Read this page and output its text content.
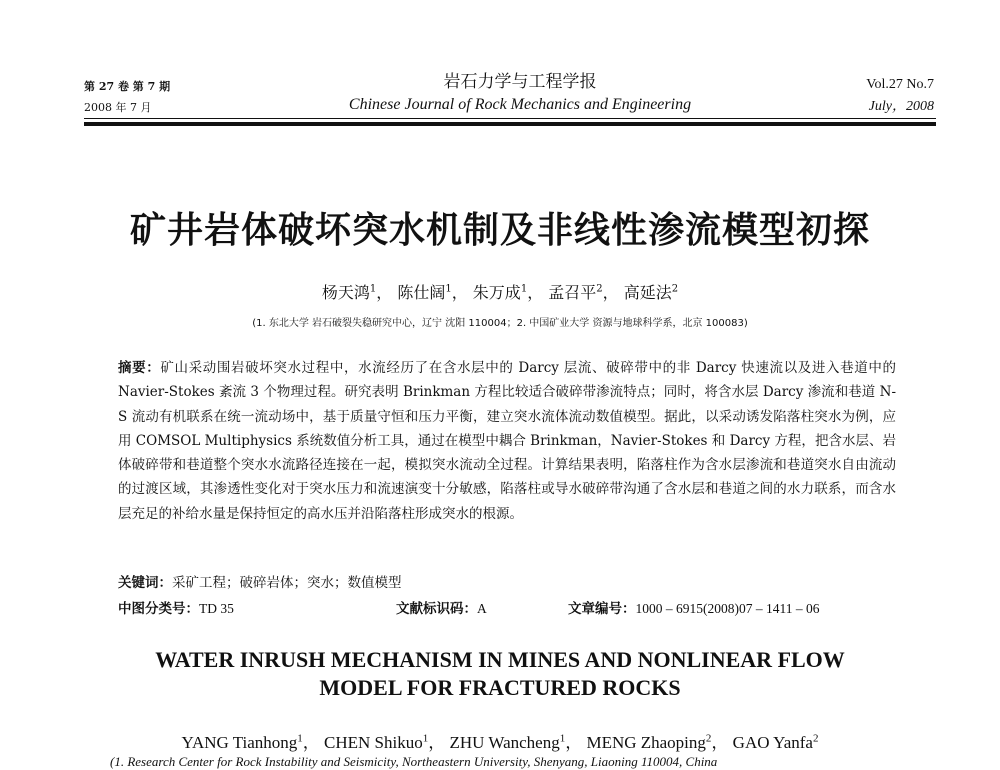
第 27 卷 第 7 期
2008 年 7 月
岩石力学与工程学报
Chinese Journal of Rock Mechanics and Engineering
Vol.27 No.7
July，2008
矿井岩体破坏突水机制及非线性渗流模型初探
杨天鸿$^1$， 陈仕阔$^1$， 朱万成$^1$， 孟召平$^2$， 高延法$^2$
(1. 东北大学 岩石破裂失稳研究中心，辽宁 沈阳 110004；2. 中国矿业大学 资源与地球科学系，北京 100083)
摘要：矿山采动围岩破坏突水过程中，水流经历了在含水层中的 Darcy 层流、破碎带中的非 Darcy 快速流以及进入巷道中的 Navier-Stokes 紊流 3 个物理过程。研究表明 Brinkman 方程比较适合破碎带渗流特点；同时，将含水层 Darcy 渗流和巷道 N-S 流动有机联系在统一流动场中，基于质量守恒和压力平衡，建立突水流体流动数值模型。据此，以采动诱发陷落柱突水为例，应用 COMSOL Multiphysics 系统数值分析工具，通过在模型中耦合 Brinkman，Navier-Stokes 和 Darcy 方程，把含水层、岩体破碎带和巷道整个突水水流路径连接在一起，模拟突水流动全过程。计算结果表明，陷落柱作为含水层渗流和巷道突水自由流动的过渡区域，其渗透性变化对于突水压力和流速演变十分敏感，陷落柱或导水破碎带沟通了含水层和巷道之间的水力联系，而含水层充足的补给水量是保持恒定的高水压并沿陷落柱形成突水的根源。
关键词：采矿工程；破碎岩体；突水；数值模型
中图分类号：TD 35	文献标识码：A	文章编号：1000 – 6915(2008)07 – 1411 – 06
WATER INRUSH MECHANISM IN MINES AND NONLINEAR FLOW
MODEL FOR FRACTURED ROCKS
YANG Tianhong$^1$， CHEN Shikuo$^1$， ZHU Wancheng$^1$， MENG Zhaoping$^2$， GAO Yanfa$^2$
(1. Research Center for Rock Instability and Seismicity, Northeastern University, Shenyang, Liaoning 110004, China
